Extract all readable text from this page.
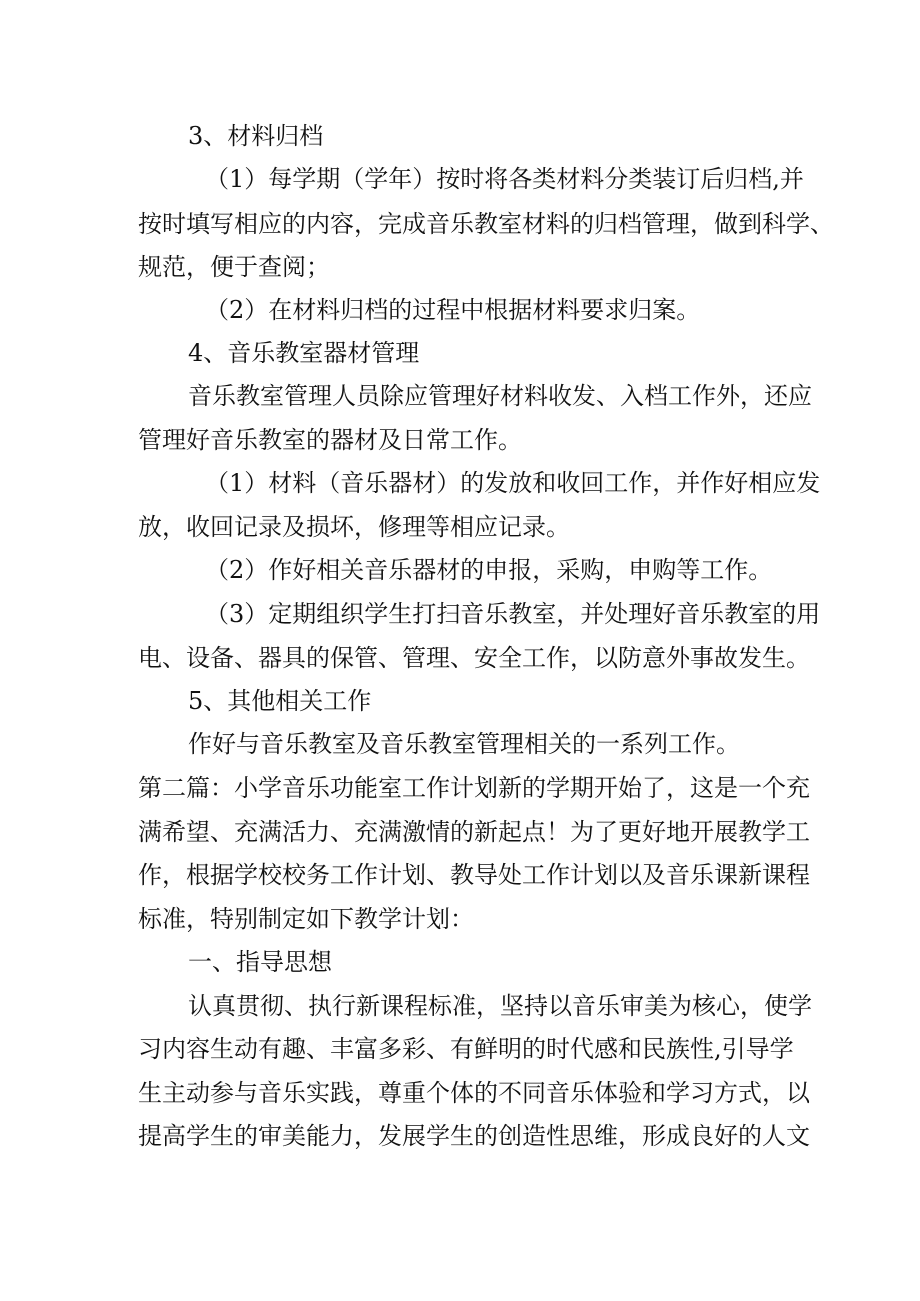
3、材料归档
（1）每学期（学年）按时将各类材料分类装订后归档,并
按时填写相应的内容，完成音乐教室材料的归档管理，做到科学、
规范，便于查阅；
（2）在材料归档的过程中根据材料要求归案。
4、音乐教室器材管理
音乐教室管理人员除应管理好材料收发、入档工作外，还应
管理好音乐教室的器材及日常工作。
（1）材料（音乐器材）的发放和收回工作，并作好相应发
放，收回记录及损坏，修理等相应记录。
（2）作好相关音乐器材的申报，采购，申购等工作。
（3）定期组织学生打扫音乐教室，并处理好音乐教室的用
电、设备、器具的保管、管理、安全工作，以防意外事故发生。
5、其他相关工作
作好与音乐教室及音乐教室管理相关的一系列工作。
第二篇：小学音乐功能室工作计划新的学期开始了，这是一个充
满希望、充满活力、充满激情的新起点！为了更好地开展教学工
作，根据学校校务工作计划、教导处工作计划以及音乐课新课程
标准，特别制定如下教学计划：
一、指导思想
认真贯彻、执行新课程标准，坚持以音乐审美为核心，使学
习内容生动有趣、丰富多彩、有鲜明的时代感和民族性,引导学
生主动参与音乐实践，尊重个体的不同音乐体验和学习方式，以
提高学生的审美能力，发展学生的创造性思维，形成良好的人文
